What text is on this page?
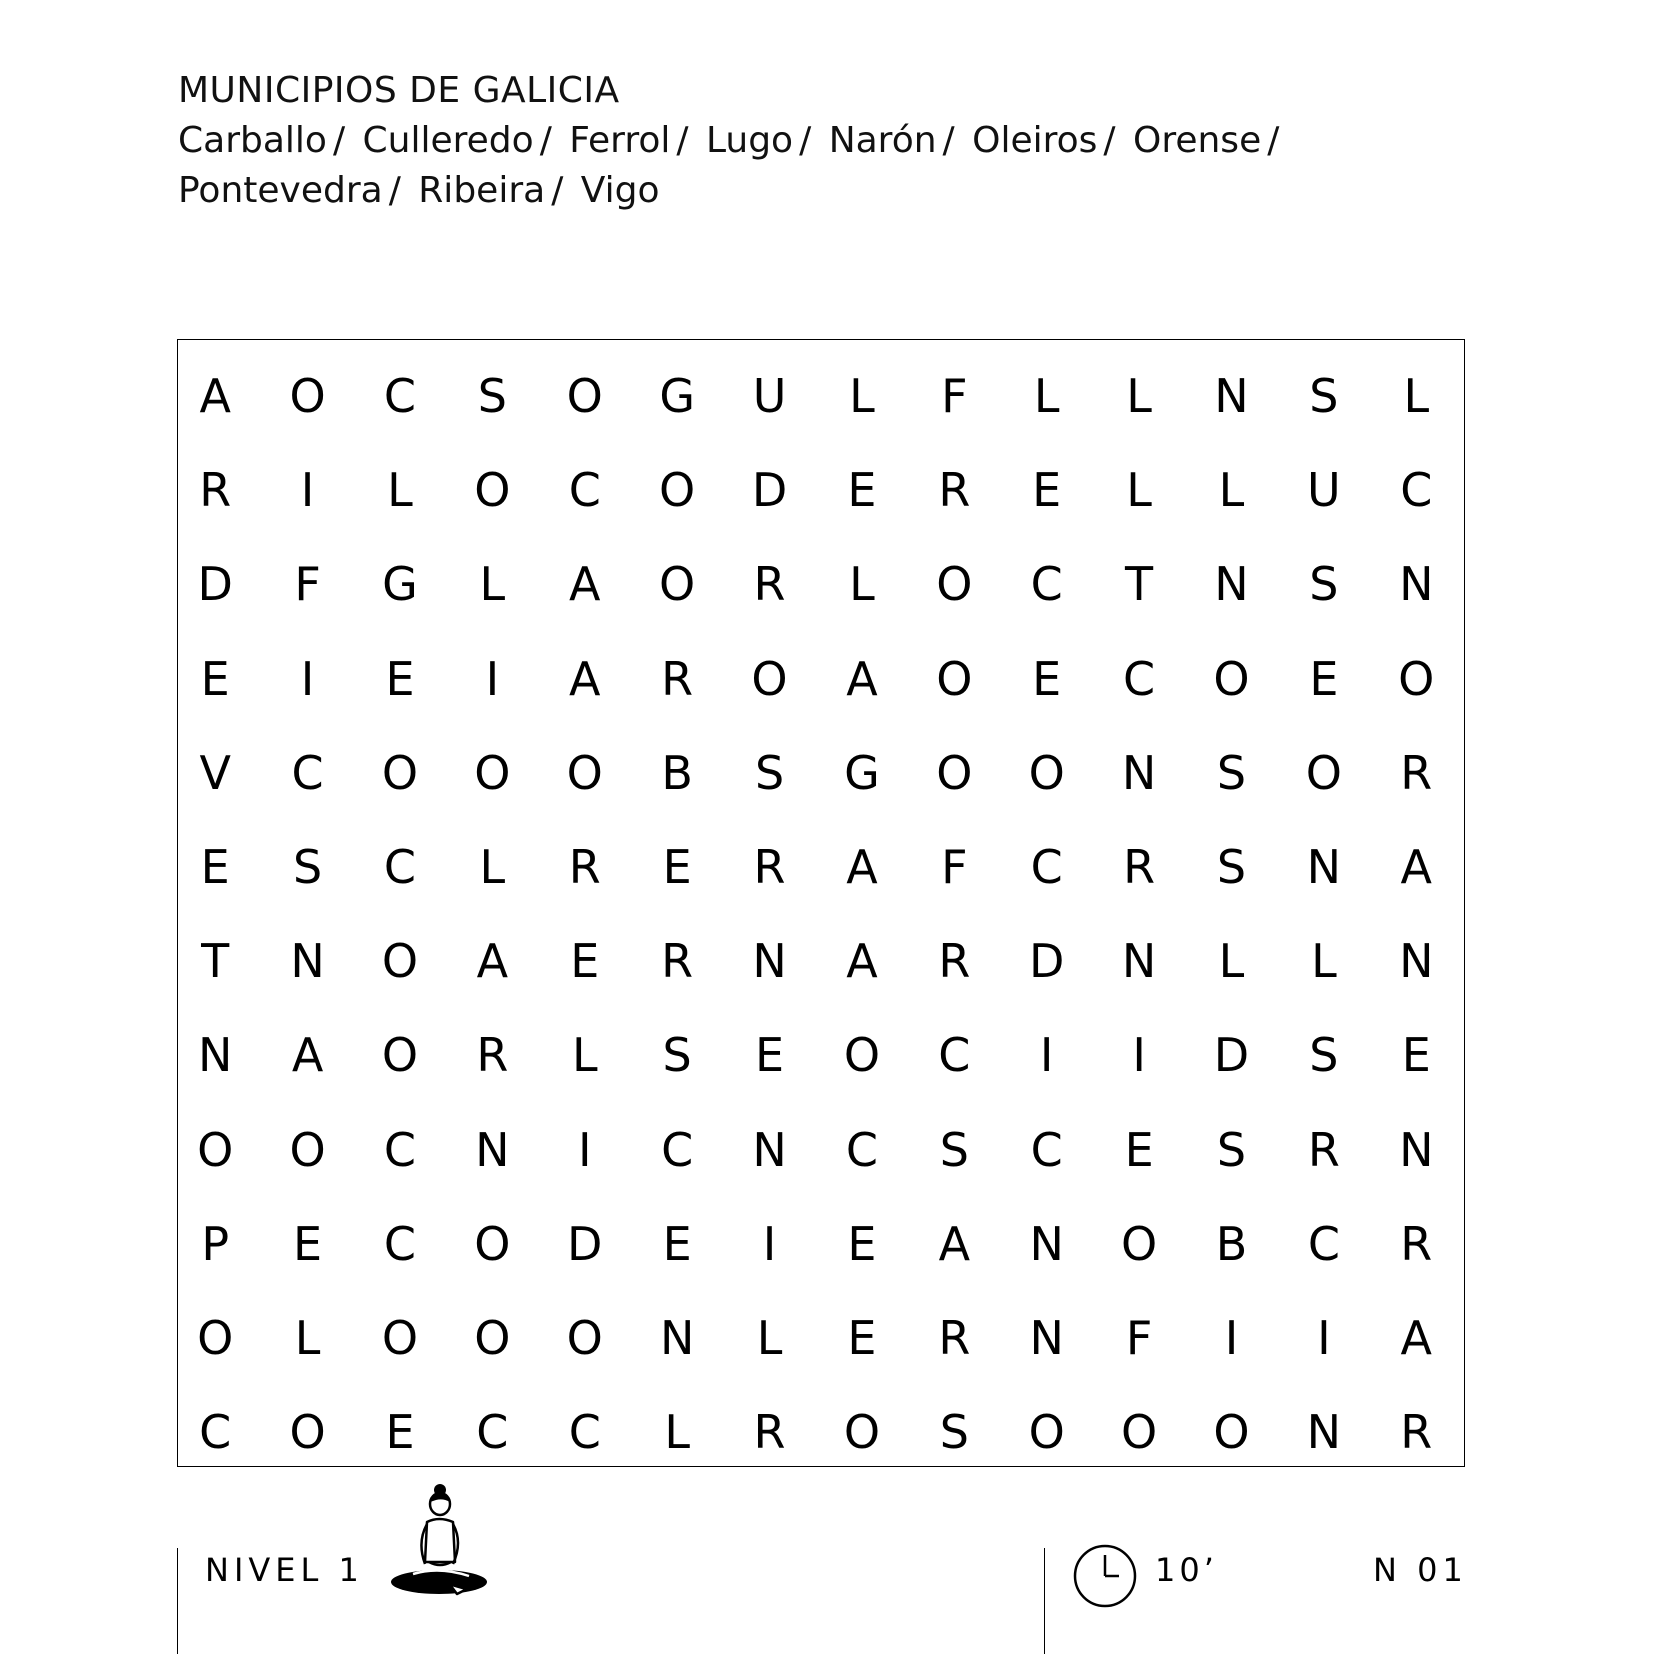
MUNICIPIOS DE GALICIA
Carballo / Culleredo / Ferrol / Lugo / Narón / Oleiros / Orense / Pontevedra / Ribeira / Vigo
A	O	C	S	O	G	U	L	F	L	L	N	S	L
R	I	L	O	C	O	D	E	R	E	L	L	U	C
D	F	G	L	A	O	R	L	O	C	T	N	S	N
E	I	E	I	A	R	O	A	O	E	C	O	E	O
V	C	O	O	O	B	S	G	O	O	N	S	O	R
E	S	C	L	R	E	R	A	F	C	R	S	N	A
T	N	O	A	E	R	N	A	R	D	N	L	L	N
N	A	O	R	L	S	E	O	C	I	I	D	S	E
O	O	C	N	I	C	N	C	S	C	E	S	R	N
P	E	C	O	D	E	I	E	A	N	O	B	C	R
O	L	O	O	O	N	L	E	R	N	F	I	I	A
C	O	E	C	C	L	R	O	S	O	O	O	N	R
NIVEL 1	10’	N 01
